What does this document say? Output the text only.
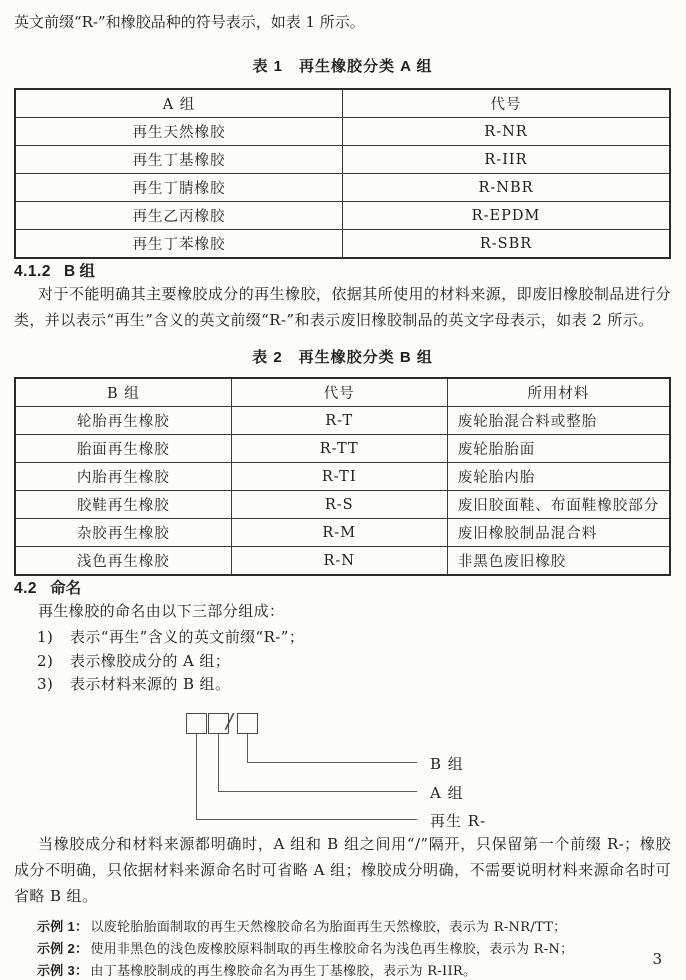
英文前缀“R-”和橡胶品种的符号表示，如表 1 所示。

表 1　再生橡胶分类 A 组
A 组	代号
再生天然橡胶	R-NR
再生丁基橡胶	R-IIR
再生丁腈橡胶	R-NBR
再生乙丙橡胶	R-EPDM
再生丁苯橡胶	R-SBR
4.1.2 B 组

对于不能明确其主要橡胶成分的再生橡胶，依据其所使用的材料来源，即废旧橡胶制品进行分类，并以表示“再生”含义的英文前缀“R-”和表示废旧橡胶制品的英文字母表示，如表 2 所示。

表 2　再生橡胶分类 B 组
B 组	代号	所用材料
轮胎再生橡胶	R-T	废轮胎混合料或整胎
胎面再生橡胶	R-TT	废轮胎胎面
内胎再生橡胶	R-TI	废轮胎内胎
胶鞋再生橡胶	R-S	废旧胶面鞋、布面鞋橡胶部分
杂胶再生橡胶	R-M	废旧橡胶制品混合料
浅色再生橡胶	R-N	非黑色废旧橡胶
4.2 命名

再生橡胶的命名由以下三部分组成：

1) 表示“再生”含义的英文前缀“R-”；
2) 表示橡胶成分的 A 组；
3) 表示材料来源的 B 组。
/
B 组
A 组
再生 R-

当橡胶成分和材料来源都明确时，A 组和 B 组之间用“/”隔开，只保留第一个前缀 R-；橡胶成分不明确，只依据材料来源命名时可省略 A 组；橡胶成分明确，不需要说明材料来源命名时可省略 B 组。

示例 1： 以废轮胎胎面制取的再生天然橡胶命名为胎面再生天然橡胶，表示为 R-NR/TT；

示例 2： 使用非黑色的浅色废橡胶原料制取的再生橡胶命名为浅色再生橡胶，表示为 R-N；

示例 3： 由丁基橡胶制成的再生橡胶命名为再生丁基橡胶，表示为 R-IIR。

3
